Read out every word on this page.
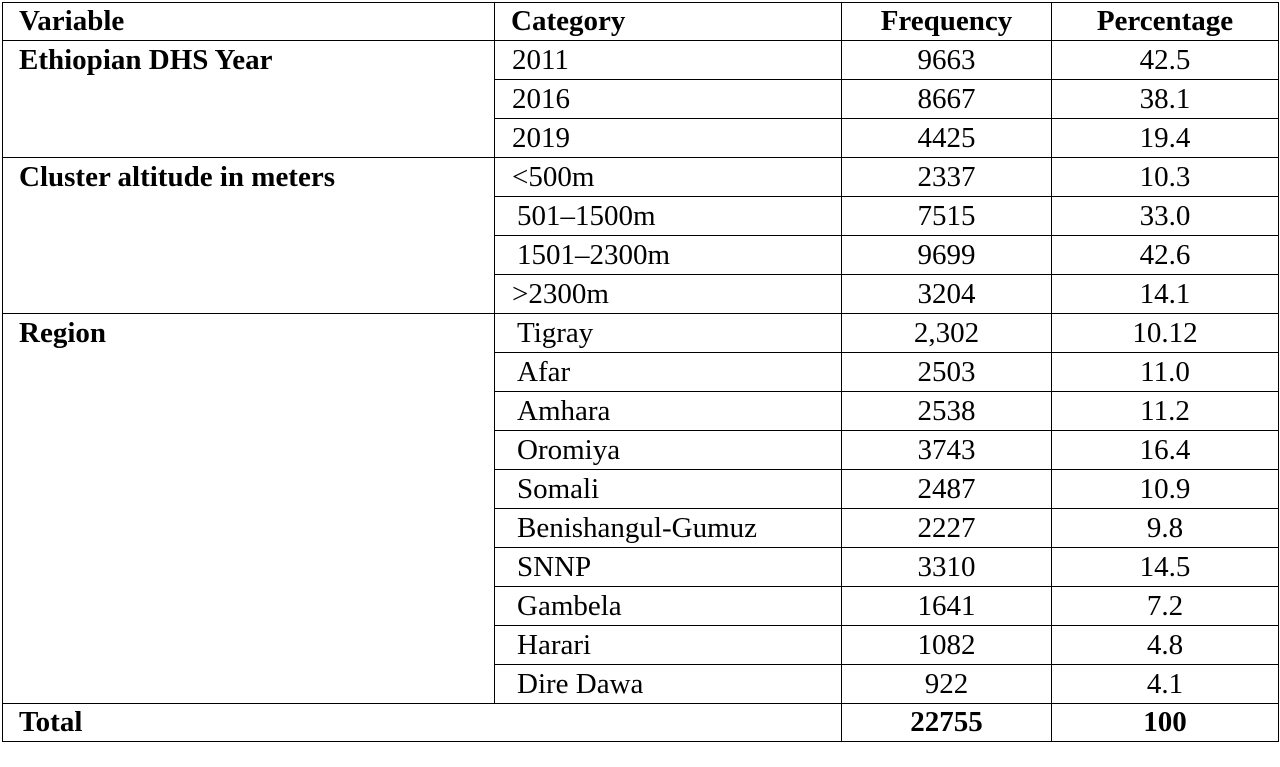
Variable	Category	Frequency	Percentage
Ethiopian DHS Year	2011	9663	42.5
	2016	8667	38.1
	2019	4425	19.4
Cluster altitude in meters	<500m	2337	10.3
	501–1500m	7515	33.0
	1501–2300m	9699	42.6
	>2300m	3204	14.1
Region	Tigray	2,302	10.12
	Afar	2503	11.0
	Amhara	2538	11.2
	Oromiya	3743	16.4
	Somali	2487	10.9
	Benishangul-Gumuz	2227	9.8
	SNNP	3310	14.5
	Gambela	1641	7.2
	Harari	1082	4.8
	Dire Dawa	922	4.1
Total		22755	100
